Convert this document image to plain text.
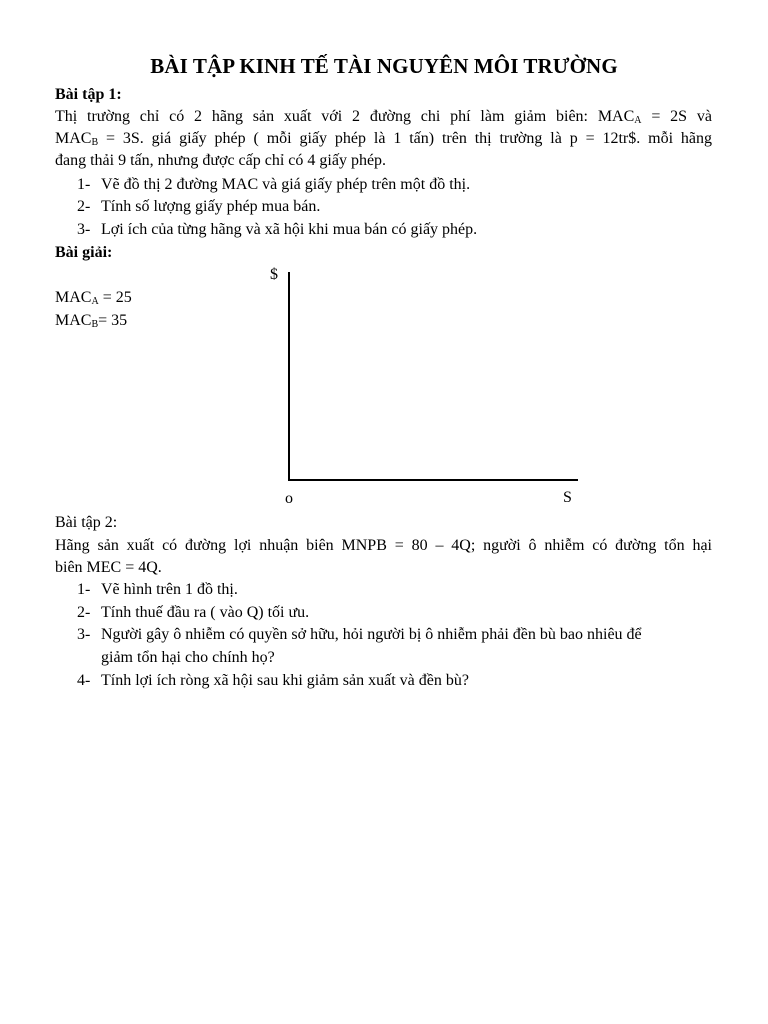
BÀI TẬP KINH TẾ TÀI NGUYÊN MÔI TRƯỜNG
Bài tập 1:
Thị trường chỉ có 2 hãng sản xuất với 2 đường chi phí làm giảm biên: $MAC_A = 2S$ và
$MAC_B = 3S$. giá giấy phép ( mỗi giấy phép là 1 tấn) trên thị trường là p = 12tr$. mỗi hãng
đang thải 9 tấn, nhưng được cấp chỉ có 4 giấy phép.
1- Vẽ đồ thị 2 đường MAC và giá giấy phép trên một đồ thị.
2- Tính số lượng giấy phép mua bán.
3- Lợi ích của từng hãng và xã hội khi mua bán có giấy phép.
Bài giải:
$MAC_A = 25$
$MAC_B= 35$
$
o	S
Bài tập 2:
Hãng sản xuất có đường lợi nhuận biên MNPB = 80 – 4Q; người ô nhiễm có đường tổn hại
biên MEC = 4Q.
1- Vẽ hình trên 1 đồ thị.
2- Tính thuế đầu ra ( vào Q) tối ưu.
3- Người gây ô nhiễm có quyền sở hữu, hỏi người bị ô nhiễm phải đền bù bao nhiêu để
giảm tổn hại cho chính họ?
4- Tính lợi ích ròng xã hội sau khi giảm sản xuất và đền bù?
